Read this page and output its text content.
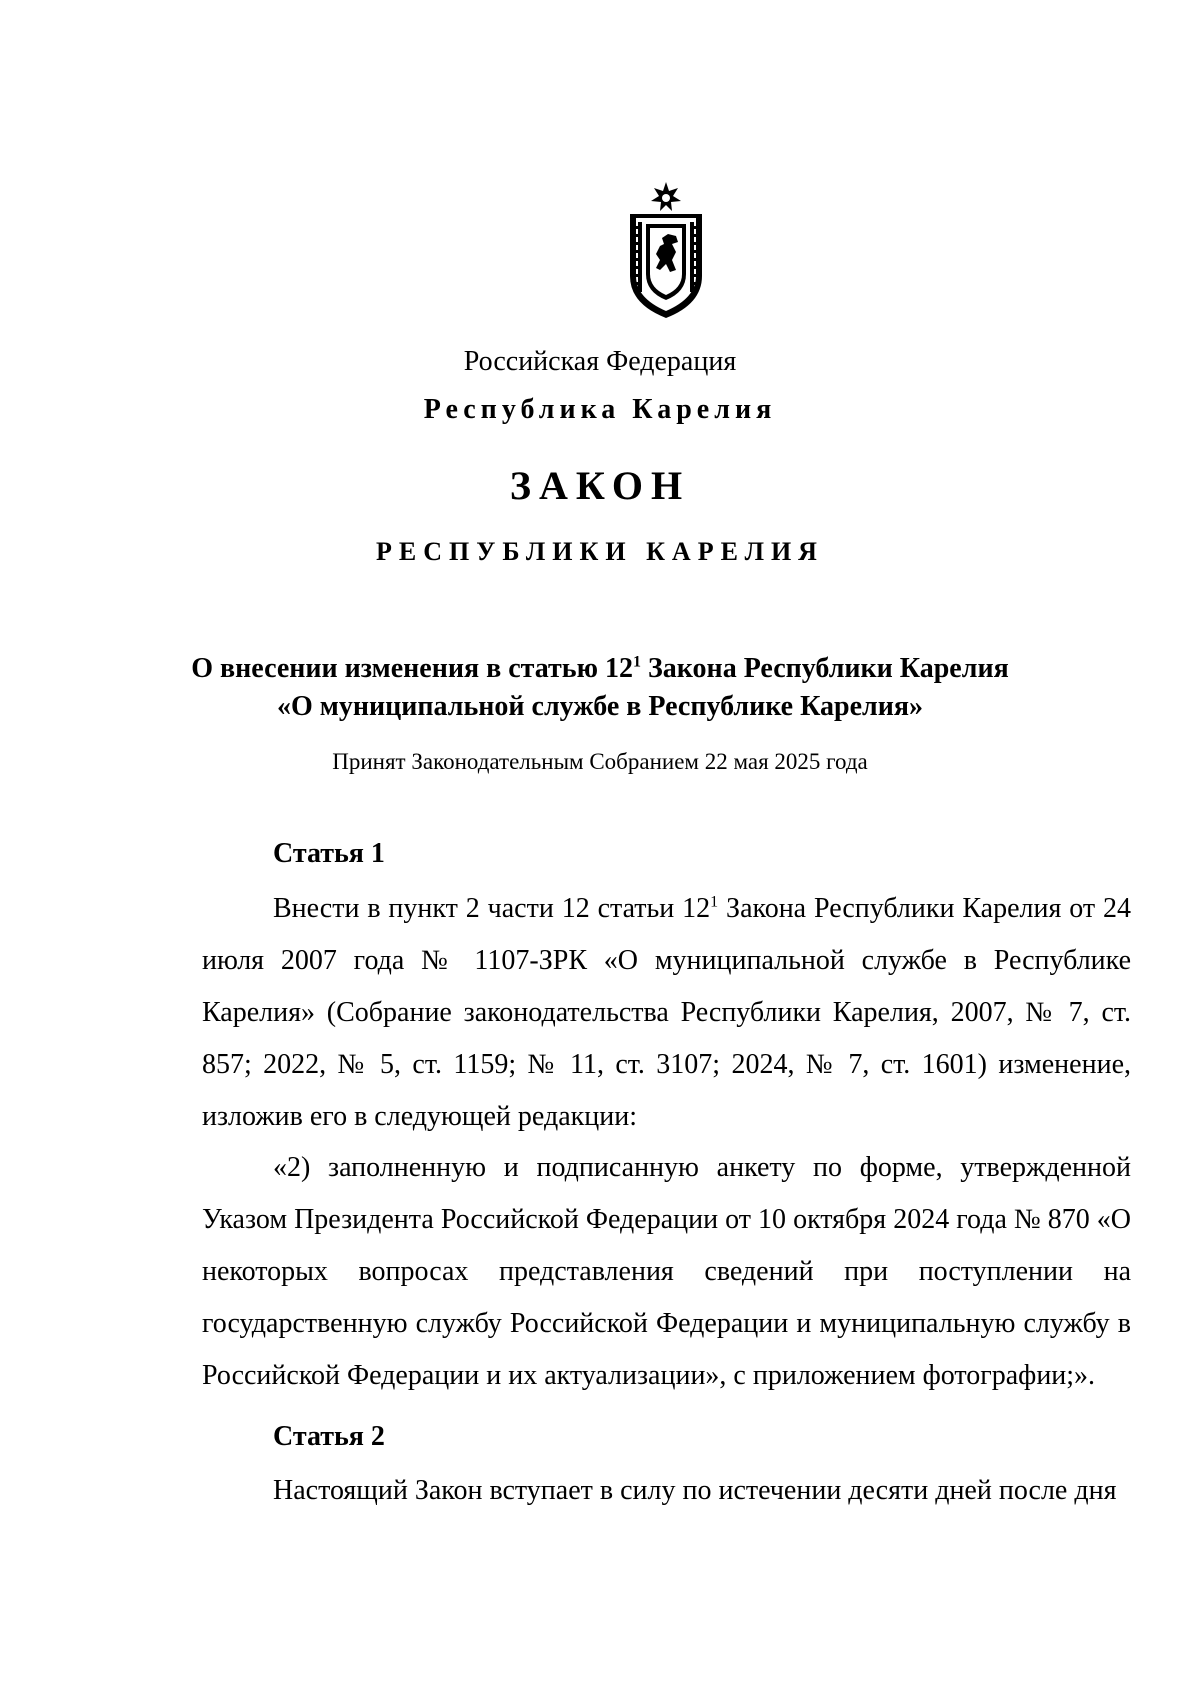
Российская Федерация
Республика Карелия
ЗАКОН
РЕСПУБЛИКИ КАРЕЛИЯ
О внесении изменения в статью $12^1$ Закона Республики Карелия
«О муниципальной службе в Республике Карелия»
Принят Законодательным Собранием 22 мая 2025 года
Статья 1

Внести в пункт 2 части 12 статьи $12^1$ Закона Республики Карелия от 24 июля 2007 года № 1107-ЗРК «О муниципальной службе в Республике Карелия» (Собрание законодательства Республики Карелия, 2007, № 7, ст. 857; 2022, № 5, ст. 1159; № 11, ст. 3107; 2024, № 7, ст. 1601) изменение, изложив его в следующей редакции:

«2) заполненную и подписанную анкету по форме, утвержденной Указом Президента Российской Федерации от 10 октября 2024 года № 870 «О некоторых вопросах представления сведений при поступлении на государственную службу Российской Федерации и муниципальную службу в Российской Федерации и их актуализации», с приложением фотографии;».

Статья 2

Настоящий Закон вступает в силу по истечении десяти дней после дня
